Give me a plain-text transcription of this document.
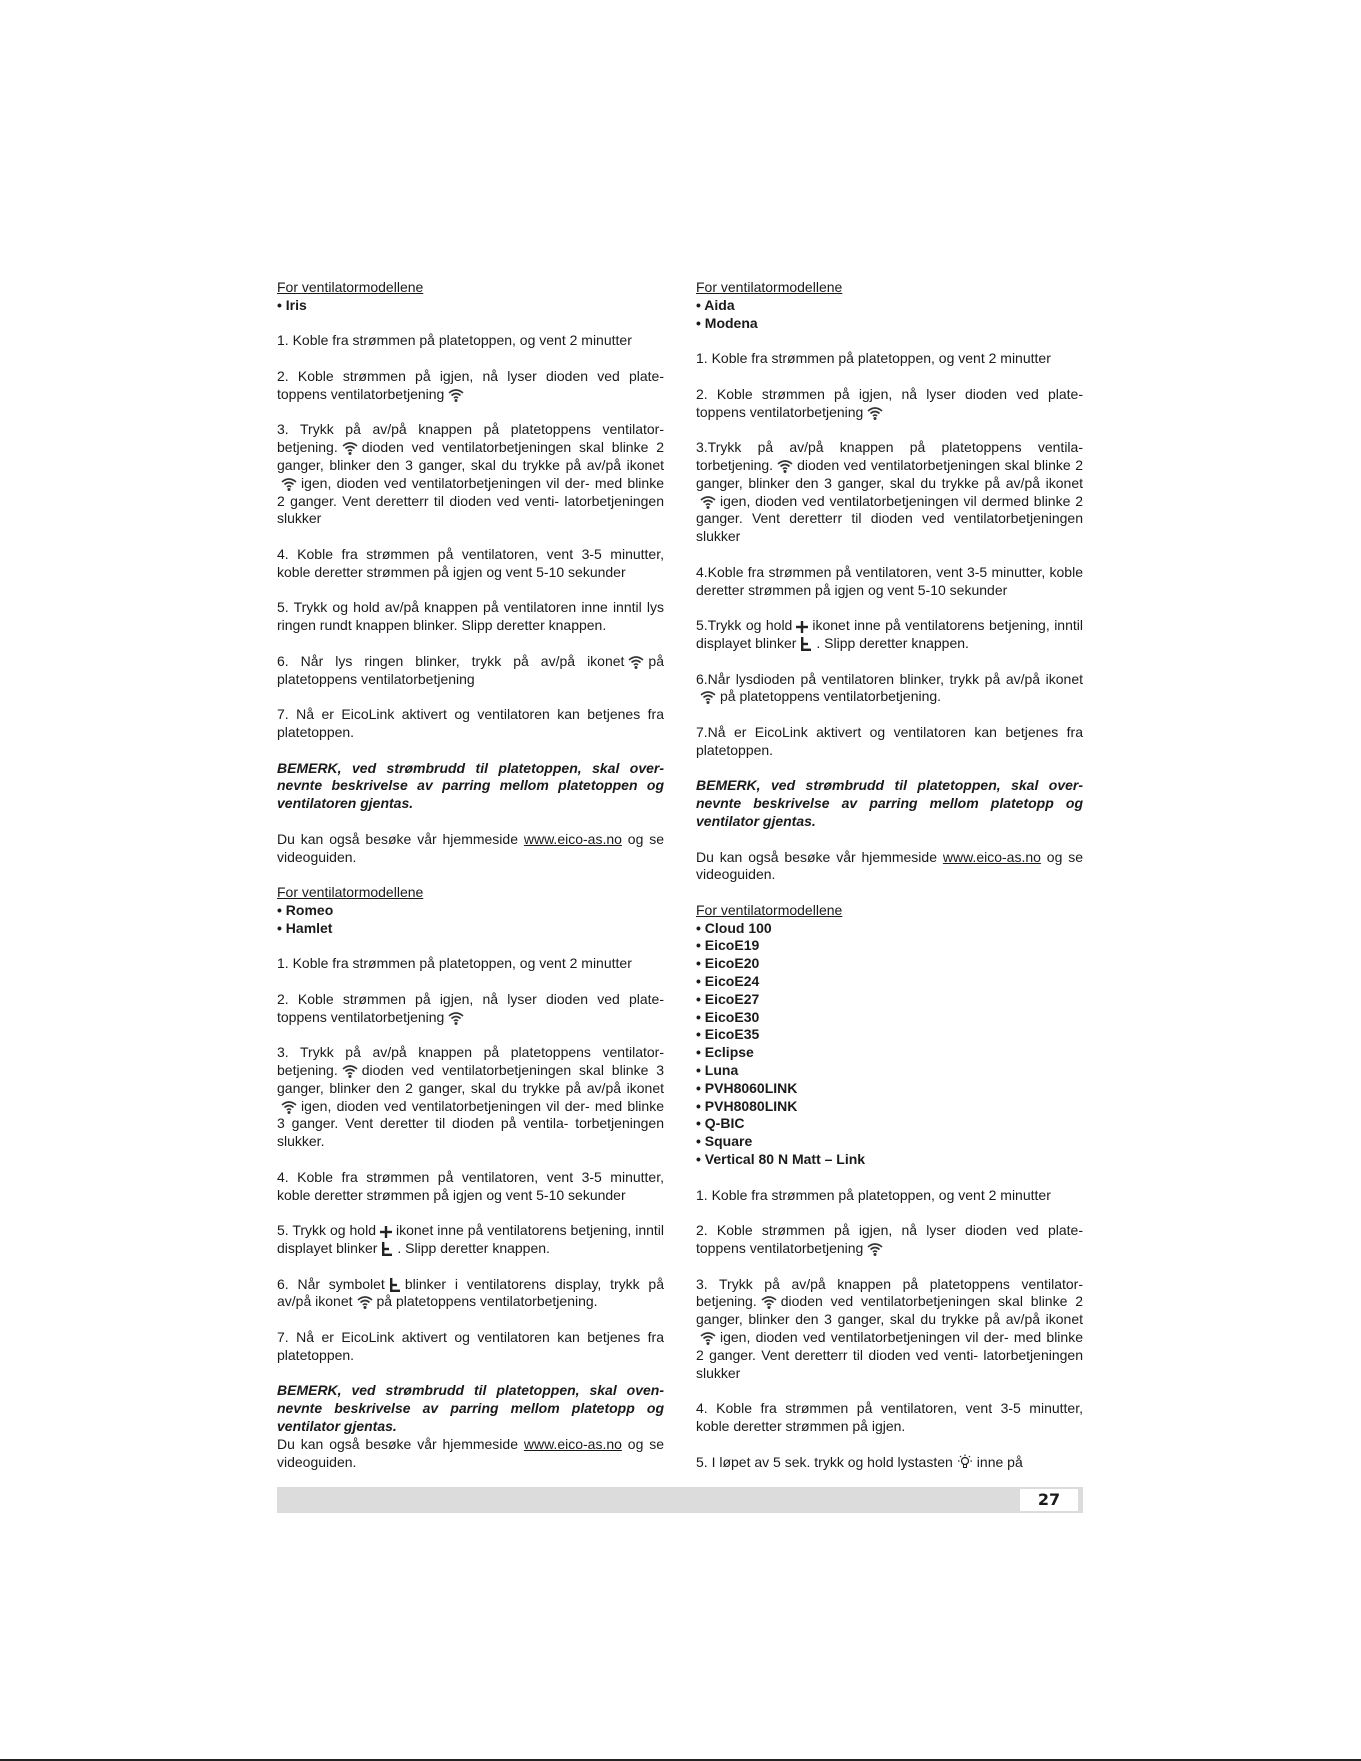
For ventilatormodellene

• Iris

1. Koble fra strømmen på platetoppen, og vent 2 minutter

2. Koble strømmen på igjen, nå lyser dioden ved plate- toppens ventilatorbetjening

3. Trykk på av/på knappen på platetoppens ventilator- betjening. dioden ved ventilatorbetjeningen skal blinke 2 ganger, blinker den 3 ganger, skal du trykke på av/på ikonet
igen, dioden ved ventilatorbetjeningen vil der- med blinke 2 ganger. Vent deretterr til dioden ved venti- latorbetjeningen slukker

4. Koble fra strømmen på ventilatoren, vent 3-5 minutter, koble deretter strømmen på igjen og vent 5-10 sekunder

5. Trykk og hold av/på knappen på ventilatoren inne inntil lys ringen rundt knappen blinker. Slipp deretter knappen.

6. Når lys ringen blinker, trykk på av/på ikonet på platetoppens ventilatorbetjening

7. Nå er EicoLink aktivert og ventilatoren kan betjenes fra platetoppen.

BEMERK, ved strømbrudd til platetoppen, skal over- nevnte beskrivelse av parring mellom platetoppen og ventilatoren gjentas.

Du kan også besøke vår hjemmeside www.eico-as.no og se videoguiden.

For ventilatormodellene

• Romeo

• Hamlet

1. Koble fra strømmen på platetoppen, og vent 2 minutter

2. Koble strømmen på igjen, nå lyser dioden ved plate- toppens ventilatorbetjening

3. Trykk på av/på knappen på platetoppens ventilator- betjening. dioden ved ventilatorbetjeningen skal blinke 3 ganger, blinker den 2 ganger, skal du trykke på av/på ikonet
igen, dioden ved ventilatorbetjeningen vil der- med blinke 3 ganger. Vent deretter til dioden på ventila- torbetjeningen slukker.

4. Koble fra strømmen på ventilatoren, vent 3-5 minutter, koble deretter strømmen på igjen og vent 5-10 sekunder

5. Trykk og hold ikonet inne på ventilatorens betjening, inntil displayet blinker . Slipp deretter knappen.

6. Når symbolet blinker i ventilatorens display, trykk på av/på ikonet på platetoppens ventilatorbetjening.

7. Nå er EicoLink aktivert og ventilatoren kan betjenes fra platetoppen.

BEMERK, ved strømbrudd til platetoppen, skal oven- nevnte beskrivelse av parring mellom platetopp og ventilator gjentas.

Du kan også besøke vår hjemmeside www.eico-as.no og se videoguiden.

For ventilatormodellene

• Aida

• Modena

1. Koble fra strømmen på platetoppen, og vent 2 minutter

2. Koble strømmen på igjen, nå lyser dioden ved plate- toppens ventilatorbetjening

3.Trykk på av/på knappen på platetoppens ventila- torbetjening. dioden ved ventilatorbetjeningen skal blinke 2 ganger, blinker den 3 ganger, skal du trykke på av/på ikonet
igen, dioden ved ventilatorbetjeningen vil dermed blinke 2 ganger. Vent deretterr til dioden ved ventilatorbetjeningen slukker

4.Koble fra strømmen på ventilatoren, vent 3-5 minutter, koble deretter strømmen på igjen og vent 5-10 sekunder

5.Trykk og hold ikonet inne på ventilatorens betjening, inntil displayet blinker . Slipp deretter knappen.

6.Når lysdioden på ventilatoren blinker, trykk på av/på ikonet
på platetoppens ventilatorbetjening.

7.Nå er EicoLink aktivert og ventilatoren kan betjenes fra platetoppen.

BEMERK, ved strømbrudd til platetoppen, skal over- nevnte beskrivelse av parring mellom platetopp og ventilator gjentas.

Du kan også besøke vår hjemmeside www.eico-as.no og se videoguiden.

For ventilatormodellene

• Cloud 100

• EicoE19

• EicoE20

• EicoE24

• EicoE27

• EicoE30

• EicoE35

• Eclipse

• Luna

• PVH8060LINK

• PVH8080LINK

• Q-BIC

• Square

• Vertical 80 N Matt – Link

1. Koble fra strømmen på platetoppen, og vent 2 minutter

2. Koble strømmen på igjen, nå lyser dioden ved plate- toppens ventilatorbetjening

3. Trykk på av/på knappen på platetoppens ventilator- betjening. dioden ved ventilatorbetjeningen skal blinke 2 ganger, blinker den 3 ganger, skal du trykke på av/på ikonet
igen, dioden ved ventilatorbetjeningen vil der- med blinke 2 ganger. Vent deretterr til dioden ved venti- latorbetjeningen slukker

4. Koble fra strømmen på ventilatoren, vent 3-5 minutter, koble deretter strømmen på igjen.

5. I løpet av 5 sek. trykk og hold lystasten inne på

27
